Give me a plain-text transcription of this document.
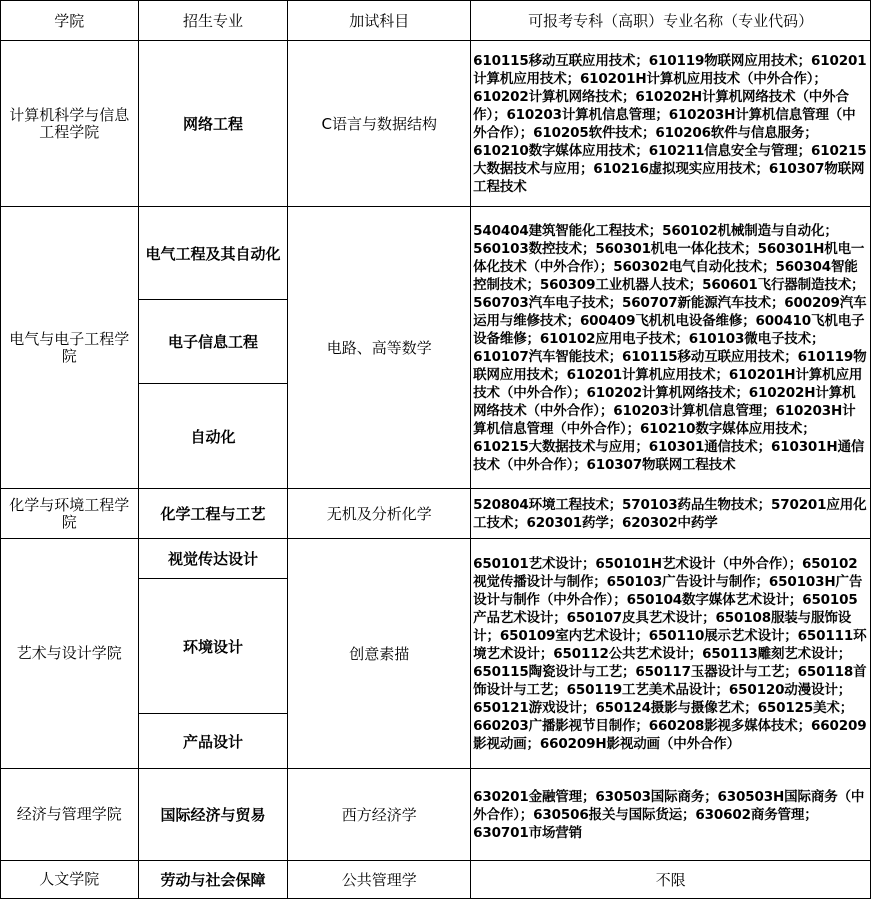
学院	招生专业	加试科目	可报考专科（高职）专业名称（专业代码）
计算机科学与信息工程学院	网络工程	C语言与数据结构	610115移动互联应用技术；610119物联网应用技术；610201计算机应用技术；610201H计算机应用技术（中外合作）；610202计算机网络技术；610202H计算机网络技术（中外合作）；610203计算机信息管理；610203H计算机信息管理（中外合作）；610205软件技术；610206软件与信息服务；610210数字媒体应用技术；610211信息安全与管理；610215大数据技术与应用；610216虚拟现实应用技术；610307物联网工程技术
电气与电子工程学院	电气工程及其自动化	电路、高等数学	540404建筑智能化工程技术；560102机械制造与自动化；560103数控技术；560301机电一体化技术；560301H机电一体化技术（中外合作）；560302电气自动化技术；560304智能控制技术；560309工业机器人技术；560601飞行器制造技术；560703汽车电子技术；560707新能源汽车技术；600209汽车运用与维修技术；600409飞机机电设备维修；600410飞机电子设备维修；610102应用电子技术；610103微电子技术；610107汽车智能技术；610115移动互联应用技术；610119物联网应用技术；610201计算机应用技术；610201H计算机应用技术（中外合作）；610202计算机网络技术；610202H计算机网络技术（中外合作）；610203计算机信息管理；610203H计算机信息管理（中外合作）；610210数字媒体应用技术；610215大数据技术与应用；610301通信技术；610301H通信技术（中外合作）；610307物联网工程技术
	电子信息工程		
	自动化		
化学与环境工程学院	化学工程与工艺	无机及分析化学	520804环境工程技术；570103药品生物技术；570201应用化工技术；620301药学；620302中药学
艺术与设计学院	视觉传达设计	创意素描	650101艺术设计；650101H艺术设计（中外合作）；650102视觉传播设计与制作；650103广告设计与制作；650103H广告设计与制作（中外合作）；650104数字媒体艺术设计；650105产品艺术设计；650107皮具艺术设计；650108服装与服饰设计；650109室内艺术设计；650110展示艺术设计；650111环境艺术设计；650112公共艺术设计；650113雕刻艺术设计；650115陶瓷设计与工艺；650117玉器设计与工艺；650118首饰设计与工艺；650119工艺美术品设计；650120动漫设计；650121游戏设计；650124摄影与摄像艺术；650125美术；660203广播影视节目制作；660208影视多媒体技术；660209影视动画；660209H影视动画（中外合作）
	环境设计		
	产品设计		
经济与管理学院	国际经济与贸易	西方经济学	630201金融管理；630503国际商务；630503H国际商务（中外合作）；630506报关与国际货运；630602商务管理；630701市场营销
人文学院	劳动与社会保障	公共管理学	不限
